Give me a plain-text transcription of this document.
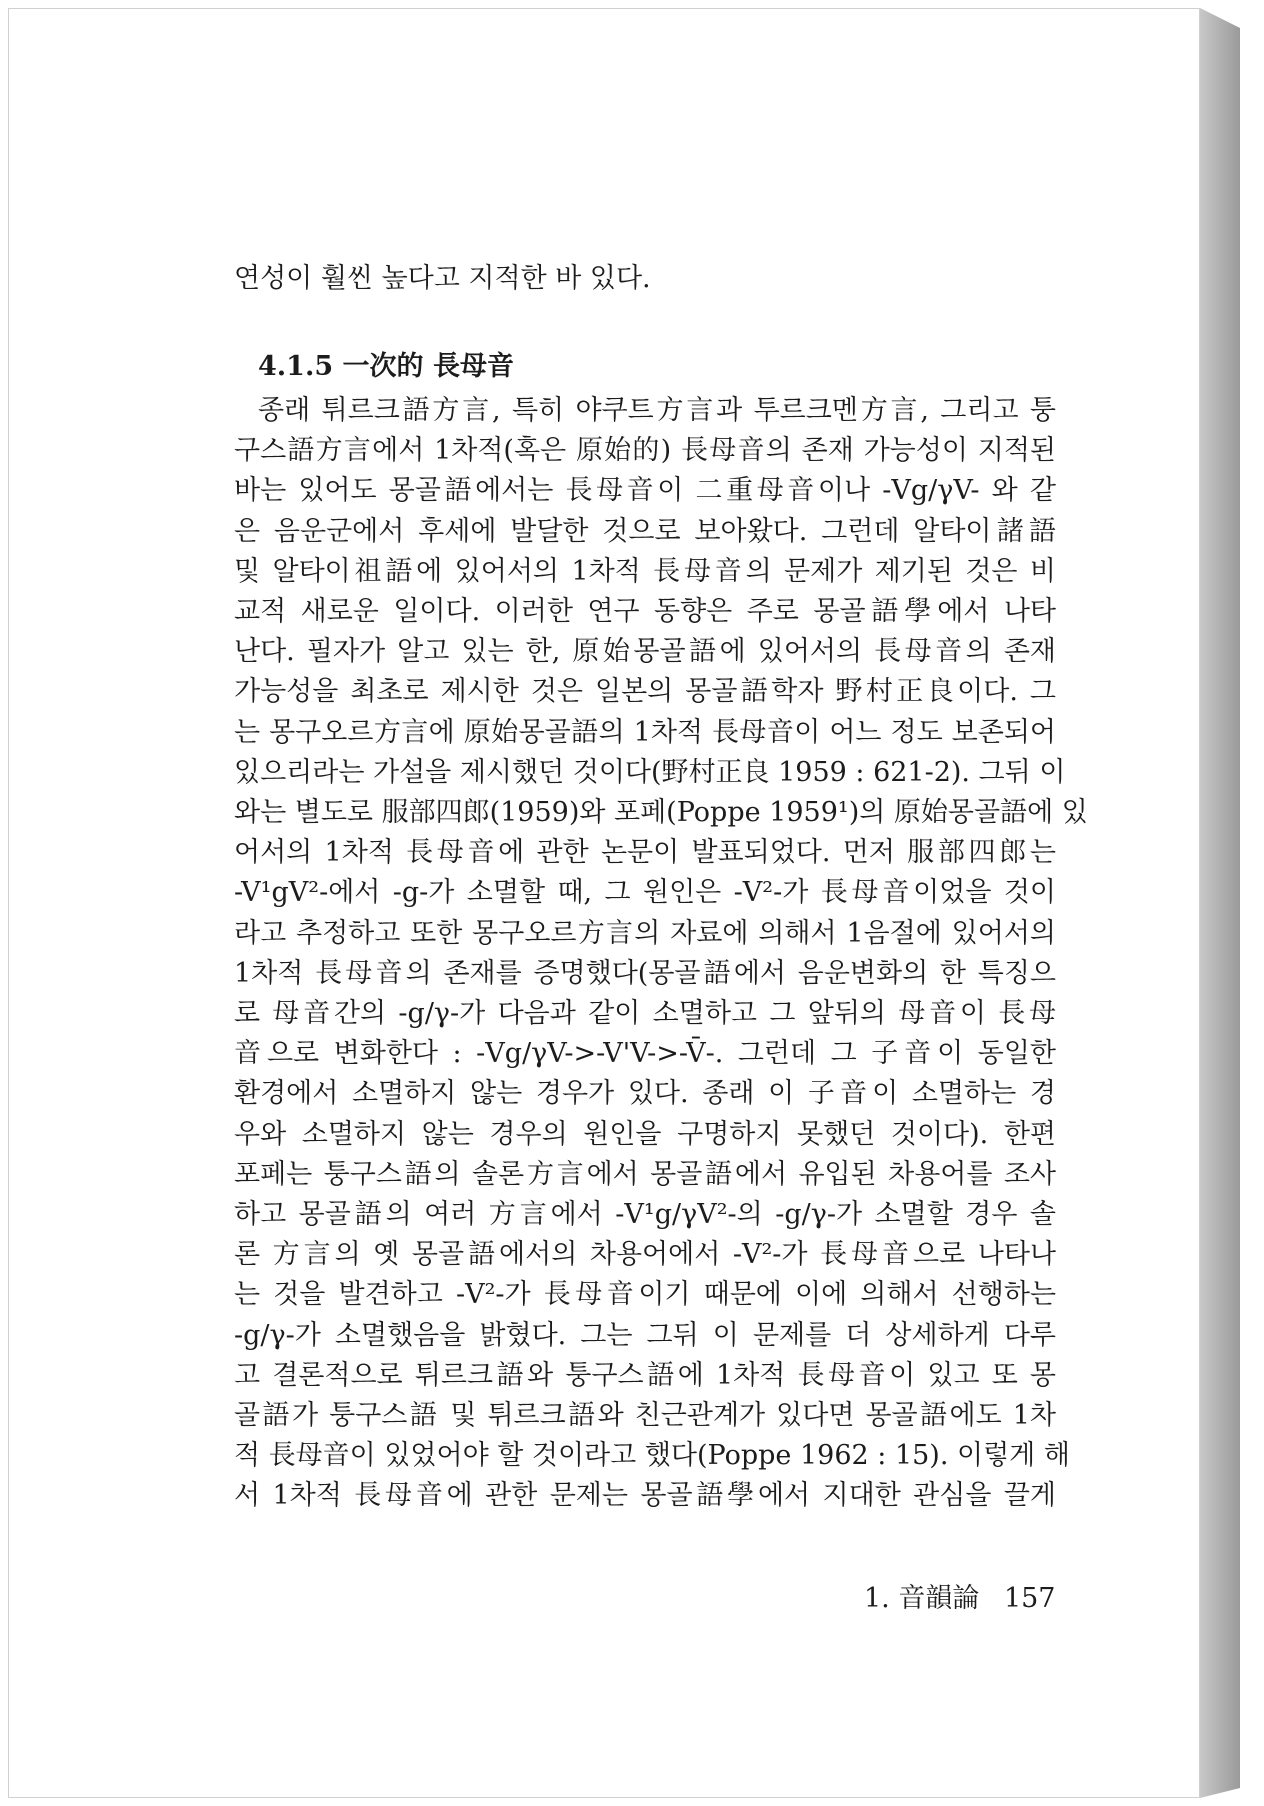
연성이 훨씬 높다고 지적한 바 있다.
4.1.5 一次的 長母音
종래 튀르크語方言, 특히 야쿠트方言과 투르크멘方言, 그리고 퉁
구스語方言에서 1차적(혹은 原始的) 長母音의 존재 가능성이 지적된
바는 있어도 몽골語에서는 長母音이 二重母音이나 -Vg/γV- 와 같
은 음운군에서 후세에 발달한 것으로 보아왔다. 그런데 알타이諸語
및 알타이祖語에 있어서의 1차적 長母音의 문제가 제기된 것은 비
교적 새로운 일이다. 이러한 연구 동향은 주로 몽골語學에서 나타
난다. 필자가 알고 있는 한, 原始몽골語에 있어서의 長母音의 존재
가능성을 최초로 제시한 것은 일본의 몽골語학자 野村正良이다. 그
는 몽구오르方言에 原始몽골語의 1차적 長母音이 어느 정도 보존되어
있으리라는 가설을 제시했던 것이다(野村正良 1959 : 621-2). 그뒤 이
와는 별도로 服部四郎(1959)와 포페(Poppe 1959¹)의 原始몽골語에 있
어서의 1차적 長母音에 관한 논문이 발표되었다. 먼저 服部四郎는
-V¹gV²-에서 -g-가 소멸할 때, 그 원인은 -V²-가 長母音이었을 것이
라고 추정하고 또한 몽구오르方言의 자료에 의해서 1음절에 있어서의
1차적 長母音의 존재를 증명했다(몽골語에서 음운변화의 한 특징으
로 母音간의 -g/γ-가 다음과 같이 소멸하고 그 앞뒤의 母音이 長母
音으로 변화한다 : -Vg/γV->-V'V->-V̄-. 그런데 그 子音이 동일한
환경에서 소멸하지 않는 경우가 있다. 종래 이 子音이 소멸하는 경
우와 소멸하지 않는 경우의 원인을 구명하지 못했던 것이다). 한편
포페는 퉁구스語의 솔론方言에서 몽골語에서 유입된 차용어를 조사
하고 몽골語의 여러 方言에서 -V¹g/γV²-의 -g/γ-가 소멸할 경우 솔
론 方言의 옛 몽골語에서의 차용어에서 -V²-가 長母音으로 나타나
는 것을 발견하고 -V²-가 長母音이기 때문에 이에 의해서 선행하는
-g/γ-가 소멸했음을 밝혔다. 그는 그뒤 이 문제를 더 상세하게 다루
고 결론적으로 튀르크語와 퉁구스語에 1차적 長母音이 있고 또 몽
골語가 퉁구스語 및 튀르크語와 친근관계가 있다면 몽골語에도 1차
적 長母音이 있었어야 할 것이라고 했다(Poppe 1962 : 15). 이렇게 해
서 1차적 長母音에 관한 문제는 몽골語學에서 지대한 관심을 끌게
1. 音韻論 157
